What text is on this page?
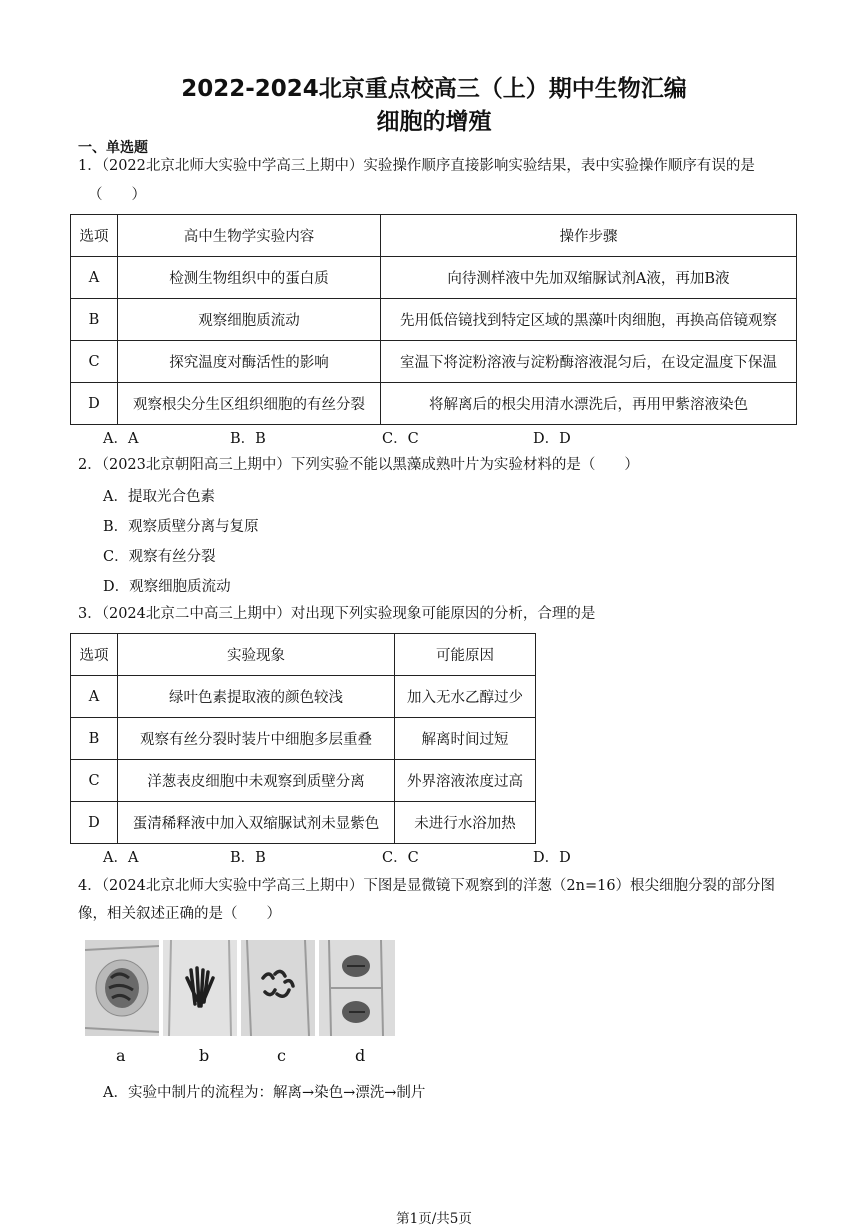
2022-2024北京重点校高三（上）期中生物汇编
细胞的增殖
一、单选题
1．（2022北京北师大实验中学高三上期中）实验操作顺序直接影响实验结果，表中实验操作顺序有误的是
（　　）
选项	高中生物学实验内容	操作步骤
A	检测生物组织中的蛋白质	向待测样液中先加双缩脲试剂A液，再加B液
B	观察细胞质流动	先用低倍镜找到特定区域的黑藻叶肉细胞，再换高倍镜观察
C	探究温度对酶活性的影响	室温下将淀粉溶液与淀粉酶溶液混匀后，在设定温度下保温
D	观察根尖分生区组织细胞的有丝分裂	将解离后的根尖用清水漂洗后，再用甲紫溶液染色
A．A	B．B	C．C	D．D
2．（2023北京朝阳高三上期中）下列实验不能以黑藻成熟叶片为实验材料的是（　　）
A．提取光合色素
B．观察质壁分离与复原
C．观察有丝分裂
D．观察细胞质流动
3．（2024北京二中高三上期中）对出现下列实验现象可能原因的分析，合理的是
选项	实验现象	可能原因
A	绿叶色素提取液的颜色较浅	加入无水乙醇过少
B	观察有丝分裂时装片中细胞多层重叠	解离时间过短
C	洋葱表皮细胞中未观察到质壁分离	外界溶液浓度过高
D	蛋清稀释液中加入双缩脲试剂未显紫色	未进行水浴加热
A．A	B．B	C．C	D．D
4．（2024北京北师大实验中学高三上期中）下图是显微镜下观察到的洋葱（2n=16）根尖细胞分裂的部分图
像，相关叙述正确的是（　　）
a	b	c	d
A．实验中制片的流程为：解离→染色→漂洗→制片
第1页/共5页
